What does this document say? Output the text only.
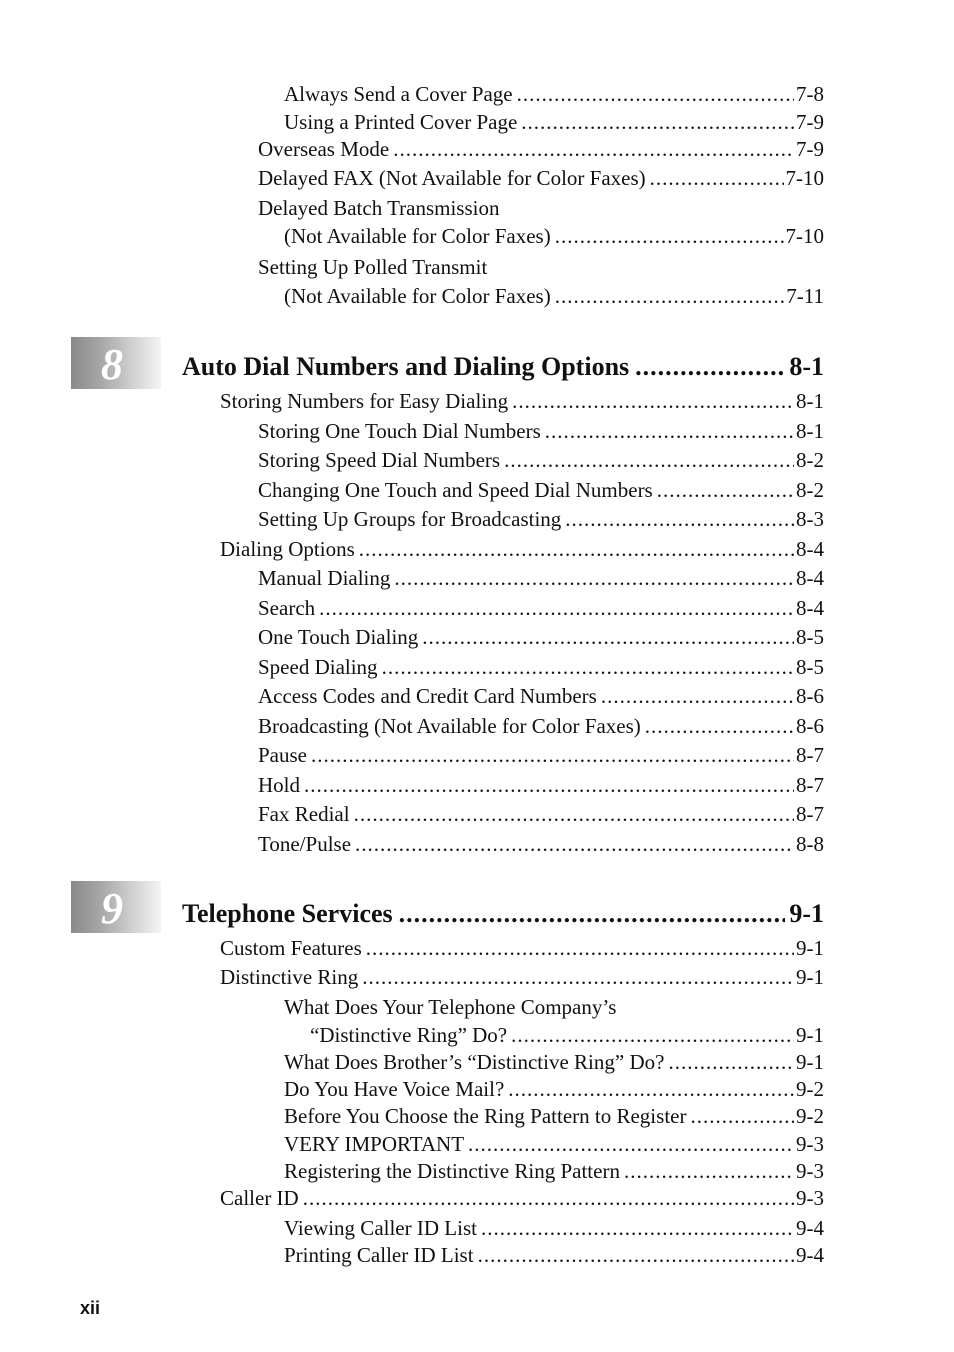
Always Send a Cover Page .....	7-8
Using a Printed Cover Page .....	7-9
Overseas Mode .....	7-9
Delayed FAX (Not Available for Color Faxes) .....	7-10
Delayed Batch Transmission
(Not Available for Color Faxes) .....	7-10
Setting Up Polled Transmit
(Not Available for Color Faxes) .....	7-11
8 Auto Dial Numbers and Dialing Options .....	8-1
Storing Numbers for Easy Dialing .....	8-1
Storing One Touch Dial Numbers .....	8-1
Storing Speed Dial Numbers .....	8-2
Changing One Touch and Speed Dial Numbers .....	8-2
Setting Up Groups for Broadcasting .....	8-3
Dialing Options .....	8-4
Manual Dialing .....	8-4
Search .....	8-4
One Touch Dialing .....	8-5
Speed Dialing .....	8-5
Access Codes and Credit Card Numbers .....	8-6
Broadcasting (Not Available for Color Faxes) .....	8-6
Pause .....	8-7
Hold .....	8-7
Fax Redial .....	8-7
Tone/Pulse .....	8-8
9 Telephone Services .....	9-1
Custom Features .....	9-1
Distinctive Ring .....	9-1
What Does Your Telephone Company’s
“Distinctive Ring” Do? .....	9-1
What Does Brother’s “Distinctive Ring” Do? .....	9-1
Do You Have Voice Mail? .....	9-2
Before You Choose the Ring Pattern to Register .....	9-2
VERY IMPORTANT .....	9-3
Registering the Distinctive Ring Pattern .....	9-3
Caller ID .....	9-3
Viewing Caller ID List .....	9-4
Printing Caller ID List .....	9-4
xii
